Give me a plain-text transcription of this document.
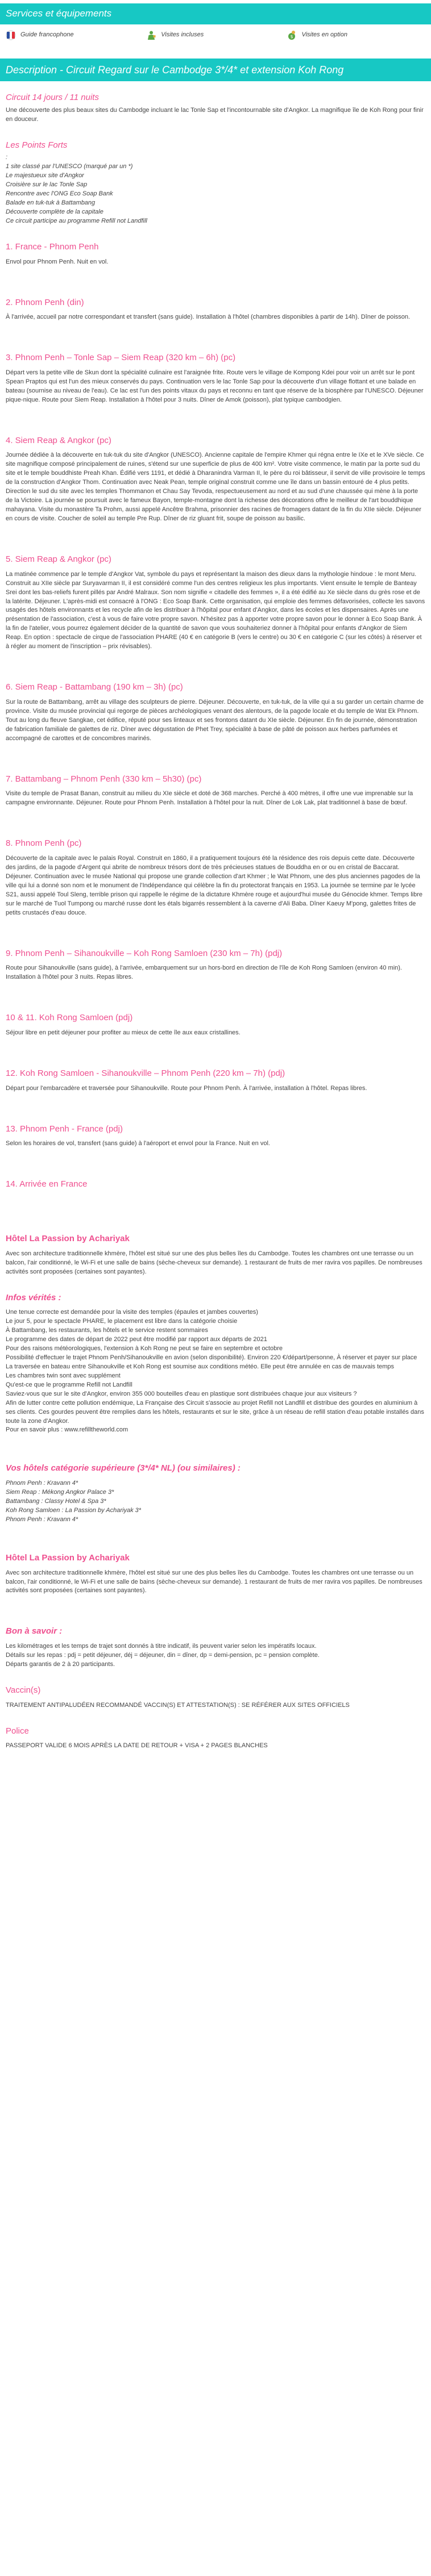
Services et équipements
Guide francophone	Visites incluses	$ Visites en option
Description - Circuit Regard sur le Cambodge 3*/4* et extension Koh Rong
Circuit 14 jours / 11 nuits

Une découverte des plus beaux sites du Cambodge incluant le lac Tonle Sap et l'incontournable site d'Angkor. La magnifique île de Koh Rong pour finir en douceur.

Les Points Forts
:
1 site classé par l'UNESCO (marqué par un *)
Le majestueux site d'Angkor
Croisière sur le lac Tonle Sap
Rencontre avec l'ONG Eco Soap Bank
Balade en tuk-tuk à Battambang
Découverte complète de la capitale
Ce circuit participe au programme Refill not Landfill
1. France - Phnom Penh

Envol pour Phnom Penh. Nuit en vol.

2. Phnom Penh (din)

À l'arrivée, accueil par notre correspondant et transfert (sans guide). Installation à l'hôtel (chambres disponibles à partir de 14h). Dîner de poisson.

3. Phnom Penh – Tonle Sap – Siem Reap (320 km – 6h) (pc)

Départ vers la petite ville de Skun dont la spécialité culinaire est l'araignée frite. Route vers le village de Kompong Kdei pour voir un arrêt sur le pont Spean Praptos qui est l'un des mieux conservés du pays. Continuation vers le lac Tonle Sap pour la découverte d'un village flottant et une balade en bateau (sournise au niveau de l'eau). Ce lac est l'un des points vitaux du pays et reconnu en tant que réserve de la biosphère par l'UNESCO. Déjeuner pique-nique. Route pour Siem Reap. Installation à l'hôtel pour 3 nuits. Dîner de Amok (poisson), plat typique cambodgien.

4. Siem Reap & Angkor (pc)

Journée dédiée à la découverte en tuk-tuk du site d'Angkor (UNESCO). Ancienne capitale de l'empire Khmer qui régna entre le IXe et le XVe siècle. Ce site magnifique composé principalement de ruines, s'étend sur une superficie de plus de 400 km². Votre visite commence, le matin par la porte sud du site et le temple bouddhiste Preah Khan. Édifié vers 1191, et dédié à Dharanindra Varman II, le père du roi bâtisseur, il servit de ville provisoire le temps de la construction d'Angkor Thom. Continuation avec Neak Pean, temple original construit comme une île dans un bassin entouré de 4 plus petits. Direction le sud du site avec les temples Thommanon et Chau Say Tevoda, respectueusement au nord et au sud d'une chaussée qui mène à la porte de la Victoire. La journée se poursuit avec le fameux Bayon, temple-montagne dont la richesse des décorations offre le meilleur de l'art bouddhique mahayana. Visite du monastère Ta Prohm, aussi appelé Ancêtre Brahma, prisonnier des racines de fromagers datant de la fin du XIIe siècle. Déjeuner en cours de visite. Coucher de soleil au temple Pre Rup. Dîner de riz gluant frit, soupe de poisson au basilic.

5. Siem Reap & Angkor (pc)

La matinée commence par le temple d'Angkor Vat, symbole du pays et représentant la maison des dieux dans la mythologie hindoue : le mont Meru. Construit au XIIe siècle par Suryavarman II, il est considéré comme l'un des centres religieux les plus importants. Vient ensuite le temple de Banteay Srei dont les bas-reliefs furent pillés par André Malraux. Son nom signifie « citadelle des femmes », il a été édifié au Xe siècle dans du grès rose et de la latérite. Déjeuner. L'après-midi est consacré à l'ONG : Eco Soap Bank. Cette organisation, qui emploie des femmes défavorisées, collecte les savons usagés des hôtels environnants et les recycle afin de les distribuer à l'hôpital pour enfant d'Angkor, dans les écoles et les dispensaires. Après une présentation de l'association, c'est à vous de faire votre propre savon. N'hésitez pas à apporter votre propre savon pour le donner à Eco Soap Bank. À la fin de l'atelier, vous pourrez également décider de la quantité de savon que vous souhaiteriez donner à l'hôpital pour enfants d'Angkor de Siem Reap. En option : spectacle de cirque de l'association PHARE (40 € en catégorie B (vers le centre) ou 30 € en catégorie C (sur les côtés) à réserver et à régler au moment de l'inscription – prix révisables).

6. Siem Reap - Battambang (190 km – 3h) (pc)

Sur la route de Battambang, arrêt au village des sculpteurs de pierre. Déjeuner. Découverte, en tuk-tuk, de la ville qui a su garder un certain charme de province. Visite du musée provincial qui regorge de pièces archéologiques venant des alentours, de la pagode locale et du temple de Wat Ek Phnom. Tout au long du fleuve Sangkae, cet édifice, réputé pour ses linteaux et ses frontons datant du XIe siècle. Déjeuner. En fin de journée, démonstration de fabrication familiale de galettes de riz. Dîner avec dégustation de Phet Trey, spécialité à base de pâté de poisson aux herbes parfumées et accompagné de carottes et de concombres marinés.

7. Battambang – Phnom Penh (330 km – 5h30) (pc)

Visite du temple de Prasat Banan, construit au milieu du XIe siècle et doté de 368 marches. Perché à 400 mètres, il offre une vue imprenable sur la campagne environnante. Déjeuner. Route pour Phnom Penh. Installation à l'hôtel pour la nuit. Dîner de Lok Lak, plat traditionnel à base de bœuf.

8. Phnom Penh (pc)

Découverte de la capitale avec le palais Royal. Construit en 1860, il a pratiquement toujours été la résidence des rois depuis cette date. Découverte des jardins, de la pagode d'Argent qui abrite de nombreux trésors dont de très précieuses statues de Bouddha en or ou en cristal de Baccarat. Déjeuner. Continuation avec le musée National qui propose une grande collection d'art Khmer ; le Wat Phnom, une des plus anciennes pagodes de la ville qui lui a donné son nom et le monument de l'Indépendance qui célèbre la fin du protectorat français en 1953. La journée se termine par le lycée S21, aussi appelé Toul Sleng, terrible prison qui rappelle le régime de la dictature Khmère rouge et aujourd'hui musée du Génocide khmer. Temps libre sur le marché de Tuol Tumpong ou marché russe dont les étals bigarrés ressemblent à la caverne d'Ali Baba. Dîner Kaeuy M'pong, galettes frites de petits crustacés d'eau douce.

9. Phnom Penh – Sihanoukville – Koh Rong Samloen (230 km – 7h) (pdj)

Route pour Sihanoukville (sans guide), à l'arrivée, embarquement sur un hors-bord en direction de l'île de Koh Rong Samloen (environ 40 min). Installation à l'hôtel pour 3 nuits. Repas libres.

10 & 11. Koh Rong Samloen (pdj)

Séjour libre en petit déjeuner pour profiter au mieux de cette île aux eaux cristallines.

12. Koh Rong Samloen - Sihanoukville – Phnom Penh (220 km – 7h) (pdj)

Départ pour l'embarcadère et traversée pour Sihanoukville. Route pour Phnom Penh. À l'arrivée, installation à l'hôtel. Repas libres.

13. Phnom Penh - France (pdj)

Selon les horaires de vol, transfert (sans guide) à l'aéroport et envol pour la France. Nuit en vol.

14. Arrivée en France
Hôtel La Passion by Achariyak

Avec son architecture traditionnelle khmère, l'hôtel est situé sur une des plus belles îles du Cambodge. Toutes les chambres ont une terrasse ou un balcon, l'air conditionné, le Wi-Fi et une salle de bains (sèche-cheveux sur demande). 1 restaurant de fruits de mer ravira vos papilles. De nombreuses activités sont proposées (certaines sont payantes).

Infos vérités :
Une tenue correcte est demandée pour la visite des temples (épaules et jambes couvertes)
Le jour 5, pour le spectacle PHARE, le placement est libre dans la catégorie choisie
À Battambang, les restaurants, les hôtels et le service restent sommaires
Le programme des dates de départ de 2022 peut être modifié par rapport aux départs de 2021
Pour des raisons météorologiques, l'extension à Koh Rong ne peut se faire en septembre et octobre
Possibilité d'effectuer le trajet Phnom Penh/Sihanoukville en avion (selon disponibilité). Environ 220 €/départ/personne, À réserver et payer sur place
La traversée en bateau entre Sihanoukville et Koh Rong est soumise aux conditions météo. Elle peut être annulée en cas de mauvais temps
Les chambres twin sont avec supplément
Qu'est-ce que le programme Refill not Landfill
Saviez-vous que sur le site d'Angkor, environ 355 000 bouteilles d'eau en plastique sont distribuées chaque jour aux visiteurs ?
Afin de lutter contre cette pollution endémique, La Française des Circuit s'associe au projet Refill not Landfill et distribue des gourdes en aluminium à ses clients. Ces gourdes peuvent être remplies dans les hôtels, restaurants et sur le site, grâce à un réseau de refill station d'eau potable installés dans toute la zone d'Angkor.
Pour en savoir plus : www.refilltheworld.com
Vos hôtels catégorie supérieure (3*/4* NL) (ou similaires) :
Phnom Penh : Kravann 4*
Siem Reap : Mékong Angkor Palace 3*
Battambang : Classy Hotel & Spa 3*
Koh Rong Samloen : La Passion by Achariyak 3*
Phnom Penh : Kravann 4*
Hôtel La Passion by Achariyak

Avec son architecture traditionnelle khmère, l'hôtel est situé sur une des plus belles îles du Cambodge. Toutes les chambres ont une terrasse ou un balcon, l'air conditionné, le Wi-Fi et une salle de bains (sèche-cheveux sur demande). 1 restaurant de fruits de mer ravira vos papilles. De nombreuses activités sont proposées (certaines sont payantes).

Bon à savoir :
Les kilométrages et les temps de trajet sont donnés à titre indicatif, ils peuvent varier selon les impératifs locaux.
Détails sur les repas : pdj = petit déjeuner, déj = déjeuner, din = dîner, dp = demi-pension, pc = pension complète.
Départs garantis de 2 à 20 participants.
Vaccin(s)

TRAITEMENT ANTIPALUDÉEN RECOMMANDÉ VACCIN(S) ET ATTESTATION(S) : SE RÉFÉRER AUX SITES OFFICIELS

Police

PASSEPORT VALIDE 6 MOIS APRÈS LA DATE DE RETOUR + VISA + 2 PAGES BLANCHES
